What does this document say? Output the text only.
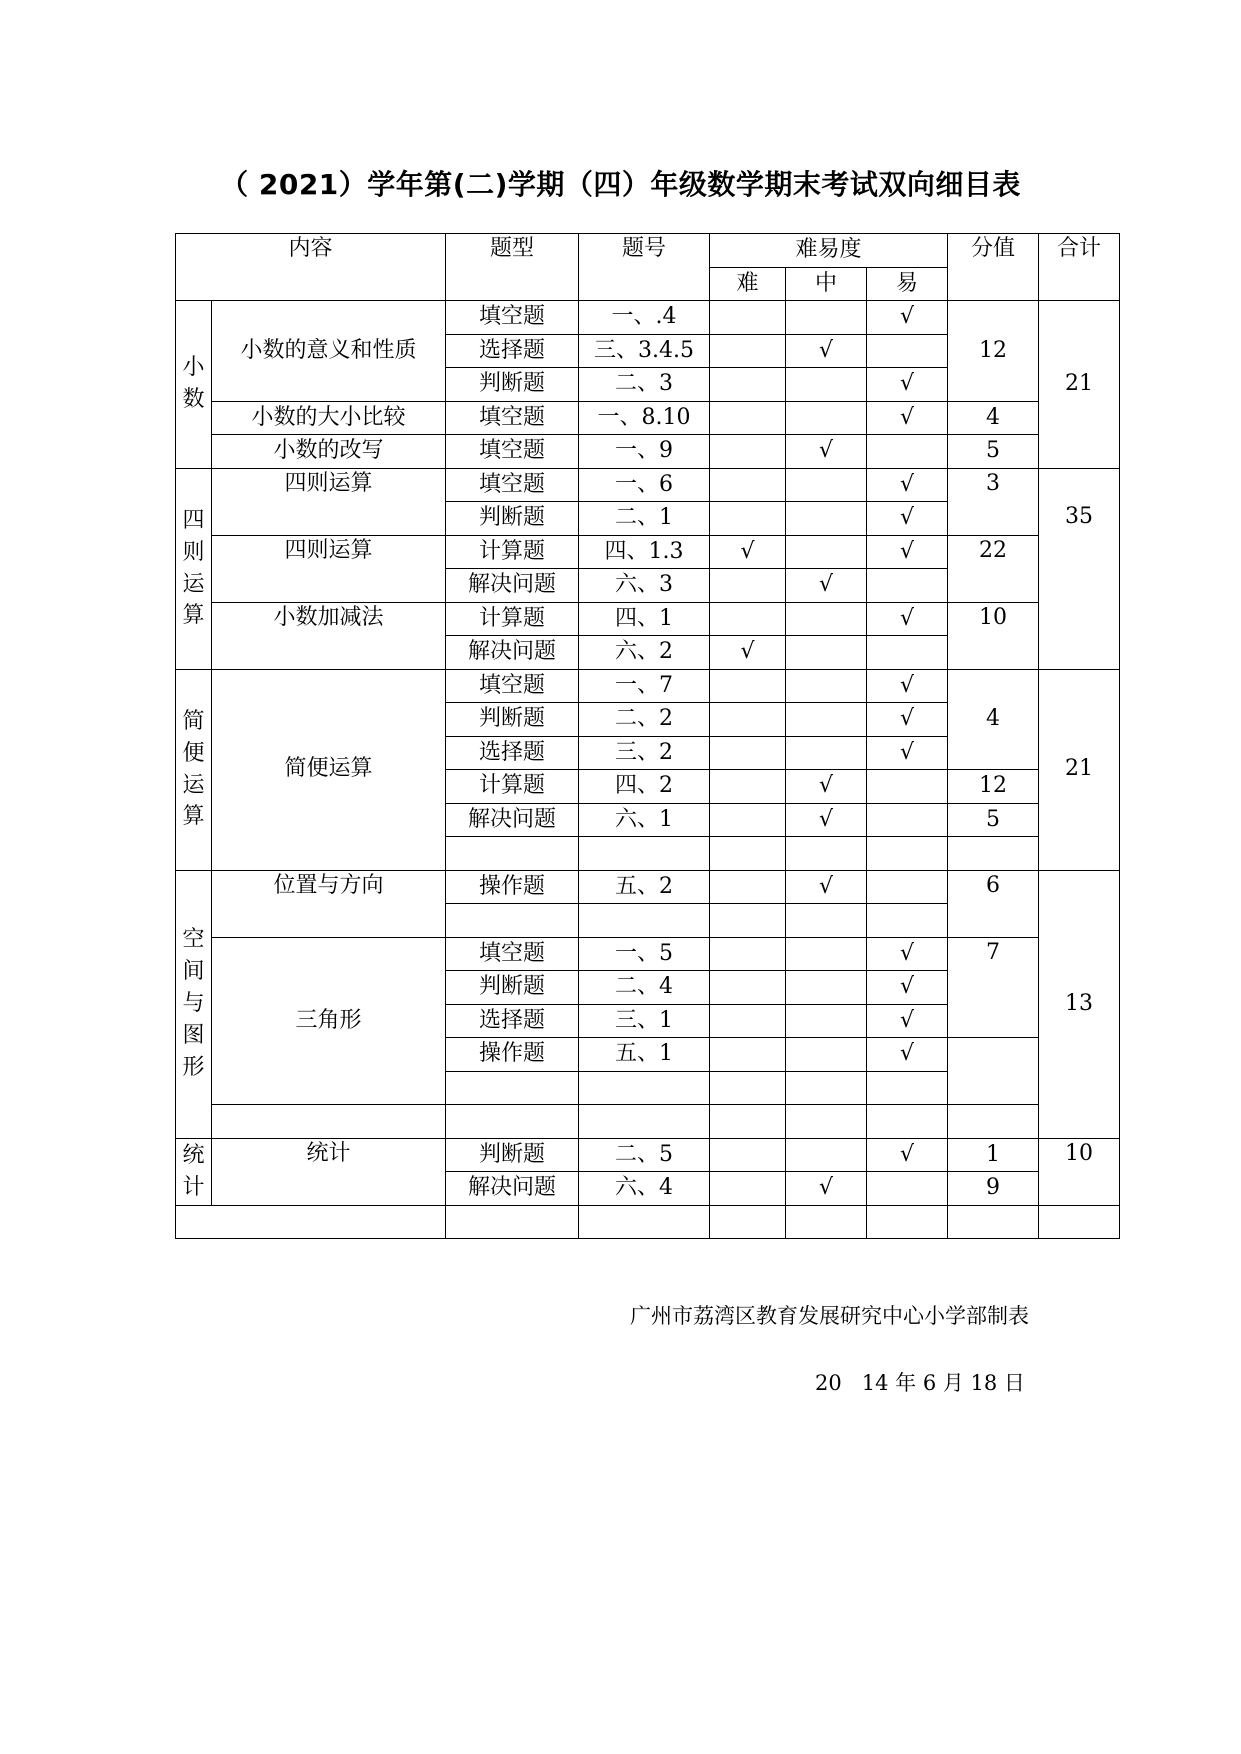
（ 2021）学年第(二)学期（四）年级数学期末考试双向细目表
内容		题型	题号	难易度			分值	合计
				难	中	易		

小
数	小数的意义和性质	填空题	一、.4			√	12	21
		选择题	三、3.4.5		√			
		判断题	二、3			√		
	小数的大小比较	填空题	一、8.10			√	4	
	小数的改写	填空题	一、9		√		5	

四
则
运
算	四则运算	填空题	一、6			√	3	35
		判断题	二、1			√		
	四则运算	计算题	四、1.3	√		√	22	
		解决问题	六、3		√			
	小数加减法	计算题	四、1			√	10	
		解决问题	六、2	√				

简
便
运
算	简便运算	填空题	一、7			√	4	21
		判断题	二、2			√		
		选择题	三、2			√		
		计算题	四、2		√		12	
		解决问题	六、1		√		5	

空
间
与
图
形	位置与方向	操作题	五、2		√		6	13

	三角形	填空题	一、5			√	7	
		判断题	二、4			√		
		选择题	三、1			√		
		操作题	五、1			√		

统
计	统计	判断题	二、5			√	1	10
		解决问题	六、4		√		9	

广州市荔湾区教育发展研究中心小学部制表
20   14 年 6 月 18 日
